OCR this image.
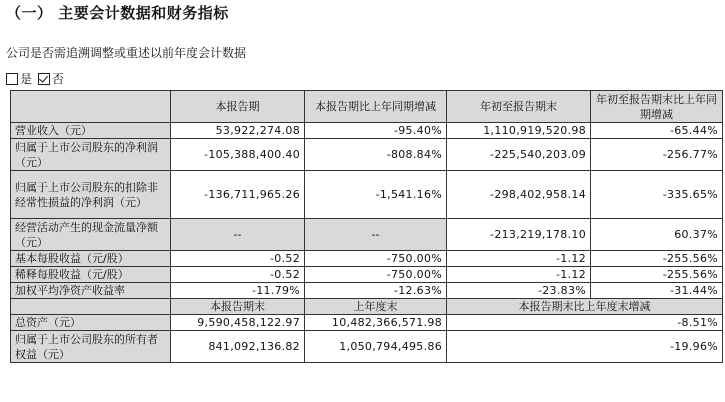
（一） 主要会计数据和财务指标
公司是否需追溯调整或重述以前年度会计数据
是 否
	本报告期	本报告期比上年同期增减	年初至报告期末	年初至报告期末比上年同期增减
营业收入（元）	53,922,274.08	-95.40%	1,110,919,520.98	-65.44%
归属于上市公司股东的净利润（元）	-105,388,400.40	-808.84%	-225,540,203.09	-256.77%
归属于上市公司股东的扣除非经常性损益的净利润（元）	-136,711,965.26	-1,541.16%	-298,402,958.14	-335.65%
经营活动产生的现金流量净额（元）	--	--	-213,219,178.10	60.37%
基本每股收益（元/股）	-0.52	-750.00%	-1.12	-255.56%
稀释每股收益（元/股）	-0.52	-750.00%	-1.12	-255.56%
加权平均净资产收益率	-11.79%	-12.63%	-23.83%	-31.44%
	本报告期末	上年度末	本报告期末比上年度末增减	
总资产（元）	9,590,458,122.97	10,482,366,571.98	-8.51%	
归属于上市公司股东的所有者权益（元）	841,092,136.82	1,050,794,495.86	-19.96%	
